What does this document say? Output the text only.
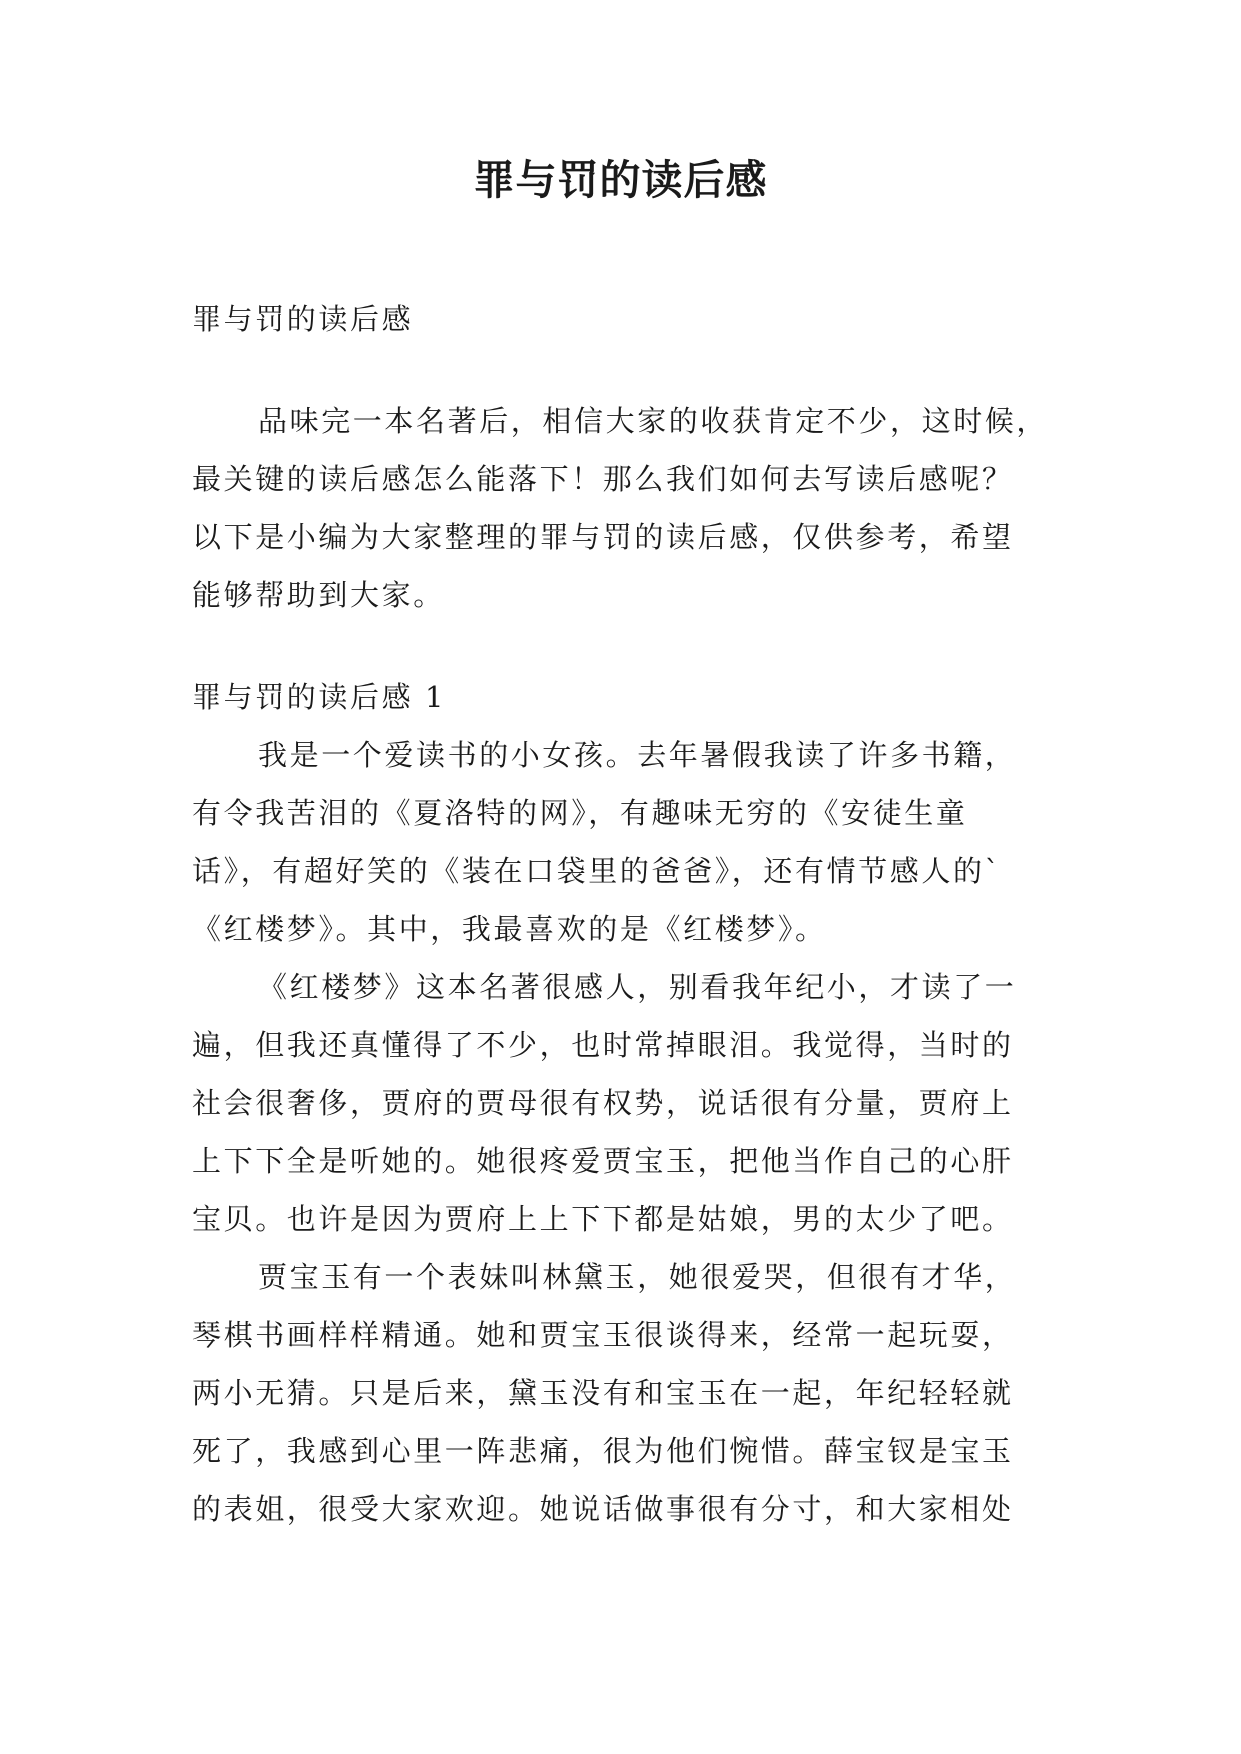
罪与罚的读后感

罪与罚的读后感

品味完一本名著后，相信大家的收获肯定不少，这时候，

最关键的读后感怎么能落下！那么我们如何去写读后感呢？

以下是小编为大家整理的罪与罚的读后感，仅供参考，希望

能够帮助到大家。

罪与罚的读后感 1

我是一个爱读书的小女孩。去年暑假我读了许多书籍，

有令我苦泪的《夏洛特的网》，有趣味无穷的《安徒生童

话》，有超好笑的《装在口袋里的爸爸》，还有情节感人的`

《红楼梦》。其中，我最喜欢的是《红楼梦》。

《红楼梦》这本名著很感人，别看我年纪小，才读了一

遍，但我还真懂得了不少，也时常掉眼泪。我觉得，当时的

社会很奢侈，贾府的贾母很有权势，说话很有分量，贾府上

上下下全是听她的。她很疼爱贾宝玉，把他当作自己的心肝

宝贝。也许是因为贾府上上下下都是姑娘，男的太少了吧。

贾宝玉有一个表妹叫林黛玉，她很爱哭，但很有才华，

琴棋书画样样精通。她和贾宝玉很谈得来，经常一起玩耍，

两小无猜。只是后来，黛玉没有和宝玉在一起，年纪轻轻就

死了，我感到心里一阵悲痛，很为他们惋惜。薛宝钗是宝玉

的表姐，很受大家欢迎。她说话做事很有分寸，和大家相处
